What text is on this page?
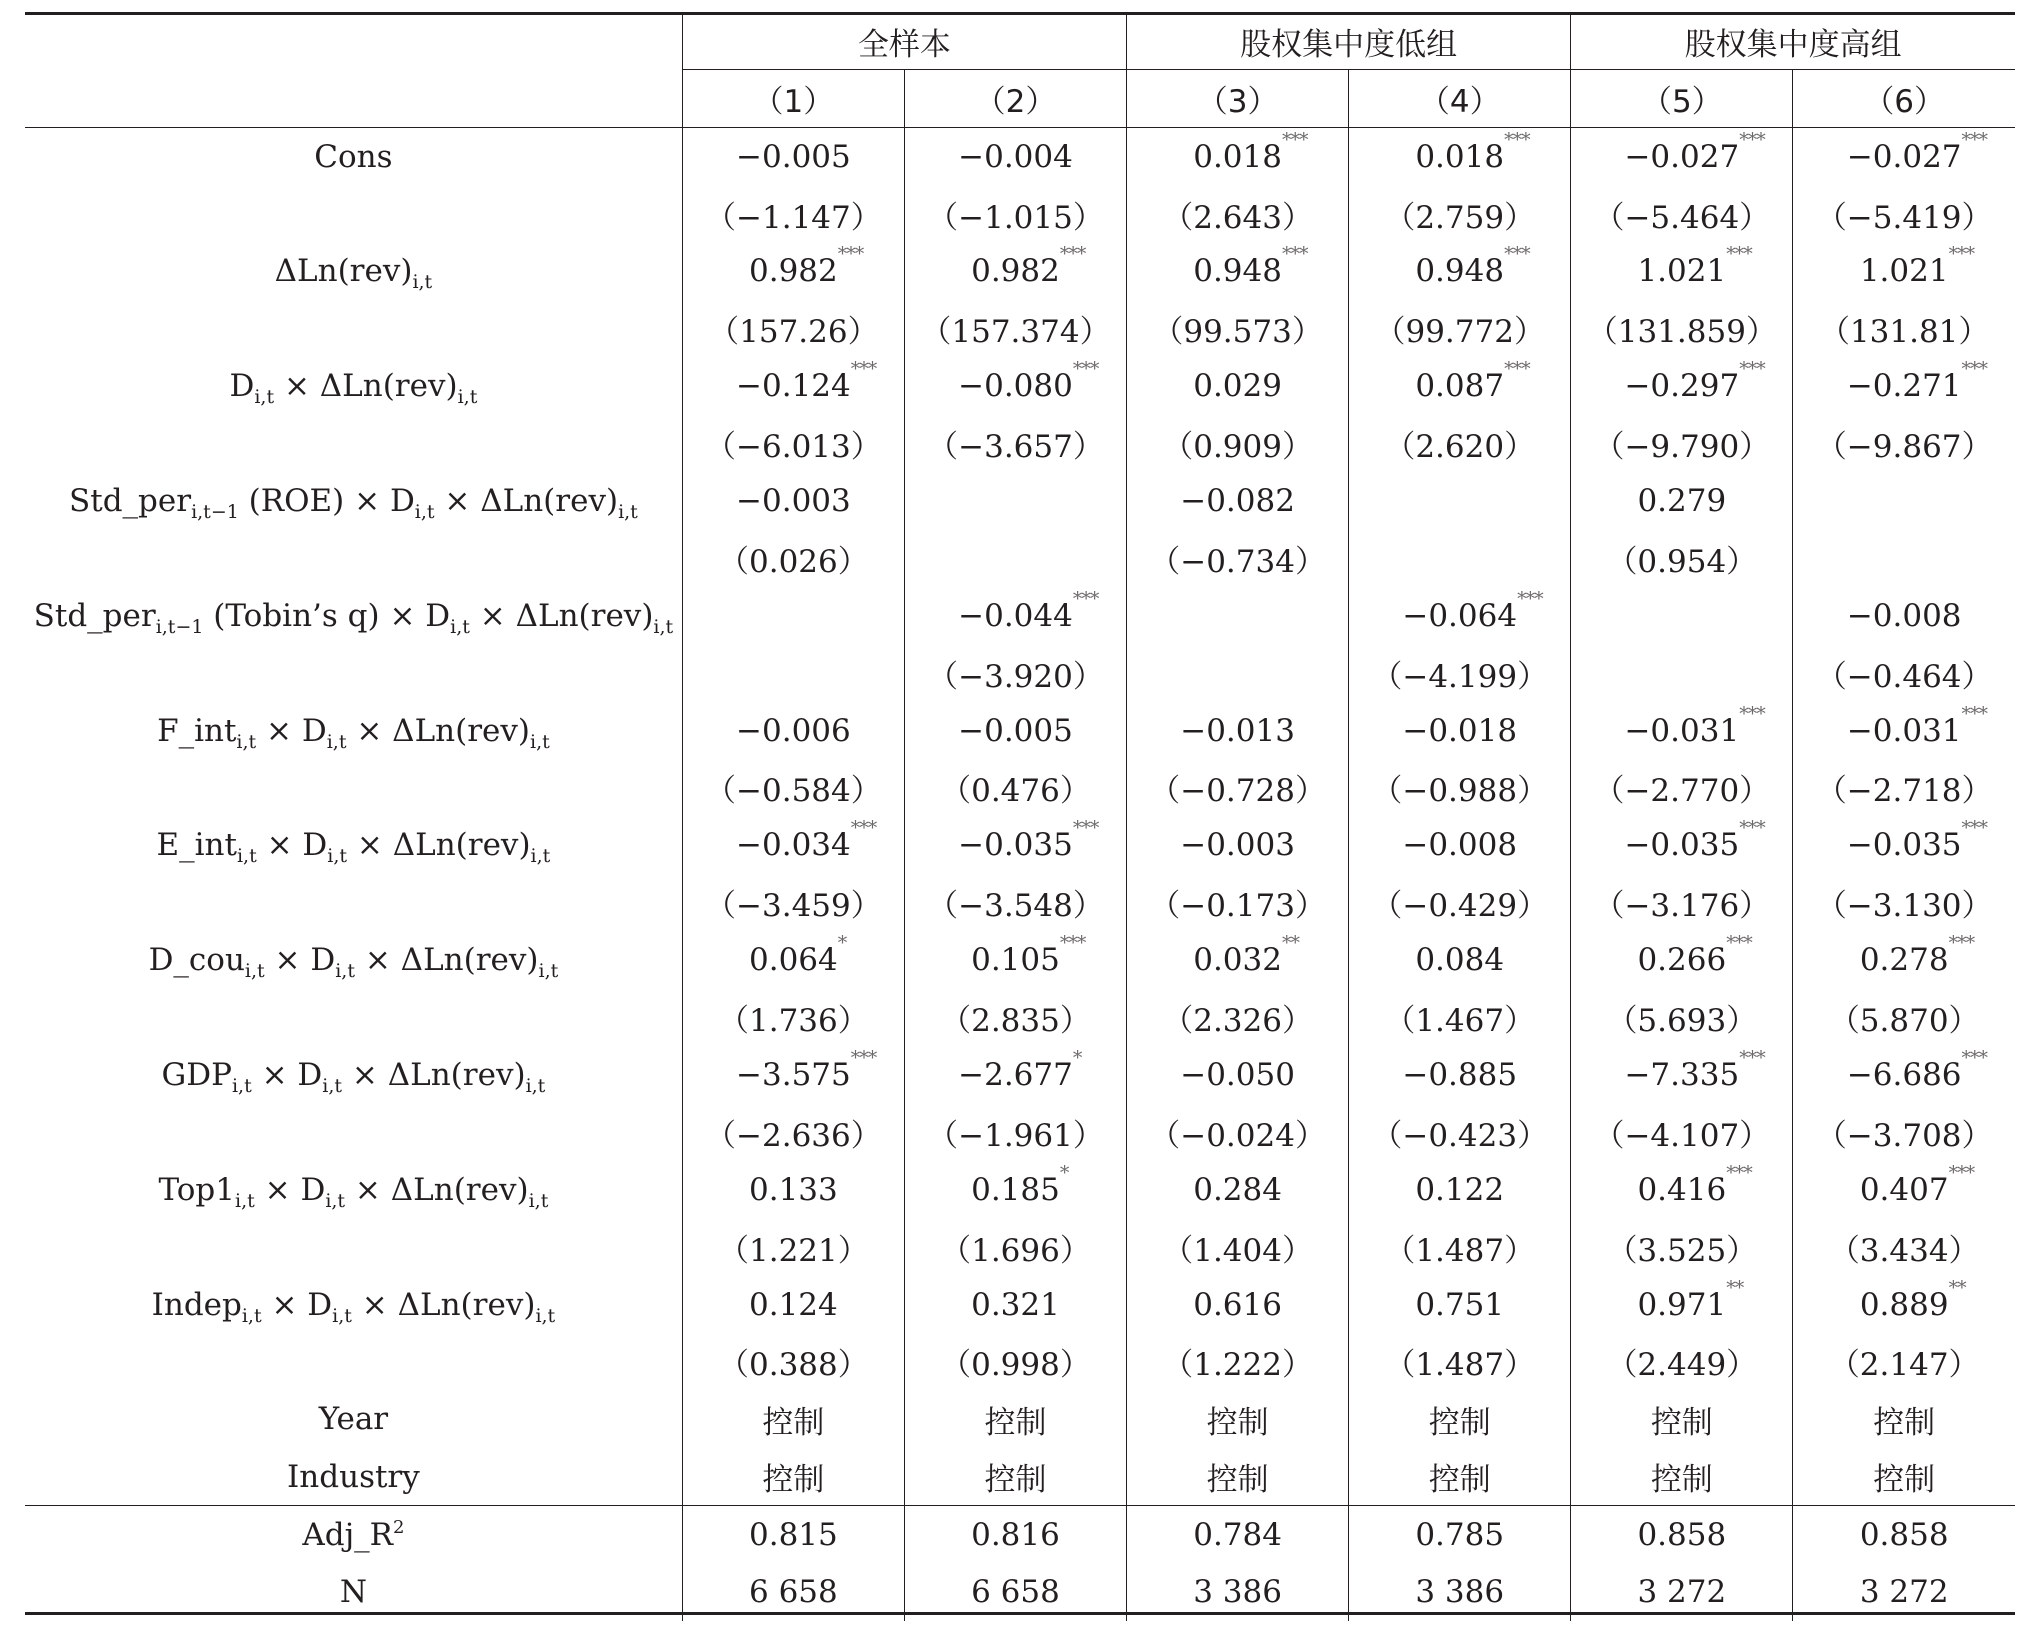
	全样本		股权集中度低组		股权集中度高组	
	（1）	（2）	（3）	（4）	（5）	（6）
Cons	−0.005	−0.004	0.018 ***	0.018 ***	−0.027 ***	−0.027 ***

	（−1.147）	（−1.015）	（2.643）	（2.759）	（−5.464）	（−5.419）
$\Delta Ln(rev)_{i,t}$	0.982 ***	0.982 ***	0.948 ***	0.948 ***	1.021 ***	1.021 ***

	（157.26）	（157.374）	（99.573）	（99.772）	（131.859）	（131.81）
$D_{i,t} \times \Delta Ln(rev)_{i,t}$	−0.124 ***	−0.080 ***	0.029	0.087 ***	−0.297 ***	−0.271 ***

	（−6.013）	（−3.657）	（0.909）	（2.620）	（−9.790）	（−9.867）
Std_per$_{i,t-1}$ $(ROE) \times D_{i,t} \times \Delta Ln(rev)_{i,t}$	−0.003		−0.082		0.279	
	（0.026）		（−0.734）		（0.954）	
Std_per$_{i,t-1}$ (Tobin’s $q) \times D_{i,t} \times \Delta Ln(rev)_{i,t}$		−0.044 ***		−0.064 ***		−0.008
		（−3.920）		（−4.199）		（−0.464）
F_int$_{i,t}$ × $D_{i,t} \times \Delta Ln(rev)_{i,t}$	−0.006	−0.005	−0.013	−0.018	−0.031 ***	−0.031 ***

	（−0.584）	（0.476）	（−0.728）	（−0.988）	（−2.770）	（−2.718）
E_int$_{i,t}$ × $D_{i,t} \times \Delta Ln(rev)_{i,t}$	−0.034 ***	−0.035 ***	−0.003	−0.008	−0.035 ***	−0.035 ***

	（−3.459）	（−3.548）	（−0.173）	（−0.429）	（−3.176）	（−3.130）
D_cou$_{i,t}$ × $D_{i,t} \times \Delta Ln(rev)_{i,t}$	0.064 *	0.105 ***	0.032 **	0.084	0.266 ***	0.278 ***

	（1.736）	（2.835）	（2.326）	（1.467）	（5.693）	（5.870）
$GDP_{i,t} \times D_{i,t} \times \Delta Ln(rev)_{i,t}$	−3.575 ***	−2.677 *	−0.050	−0.885	−7.335 ***	−6.686 ***

	（−2.636）	（−1.961）	（−0.024）	（−0.423）	（−4.107）	（−3.708）
$Top1_{i,t} \times D_{i,t} \times \Delta Ln(rev)_{i,t}$	0.133	0.185 *	0.284	0.122	0.416 ***	0.407 ***

	（1.221）	（1.696）	（1.404）	（1.487）	（3.525）	（3.434）
Indep$_{i,t}$ × $D_{i,t} \times \Delta Ln(rev)_{i,t}$	0.124	0.321	0.616	0.751	0.971 **	0.889 **

	（0.388）	（0.998）	（1.222）	（1.487）	（2.449）	（2.147）
Year	控制	控制	控制	控制	控制	控制
Industry	控制	控制	控制	控制	控制	控制
$Adj\_R^2$	0.815	0.816	0.784	0.785	0.858	0.858
N	6 658	6 658	3 386	3 386	3 272	3 272
